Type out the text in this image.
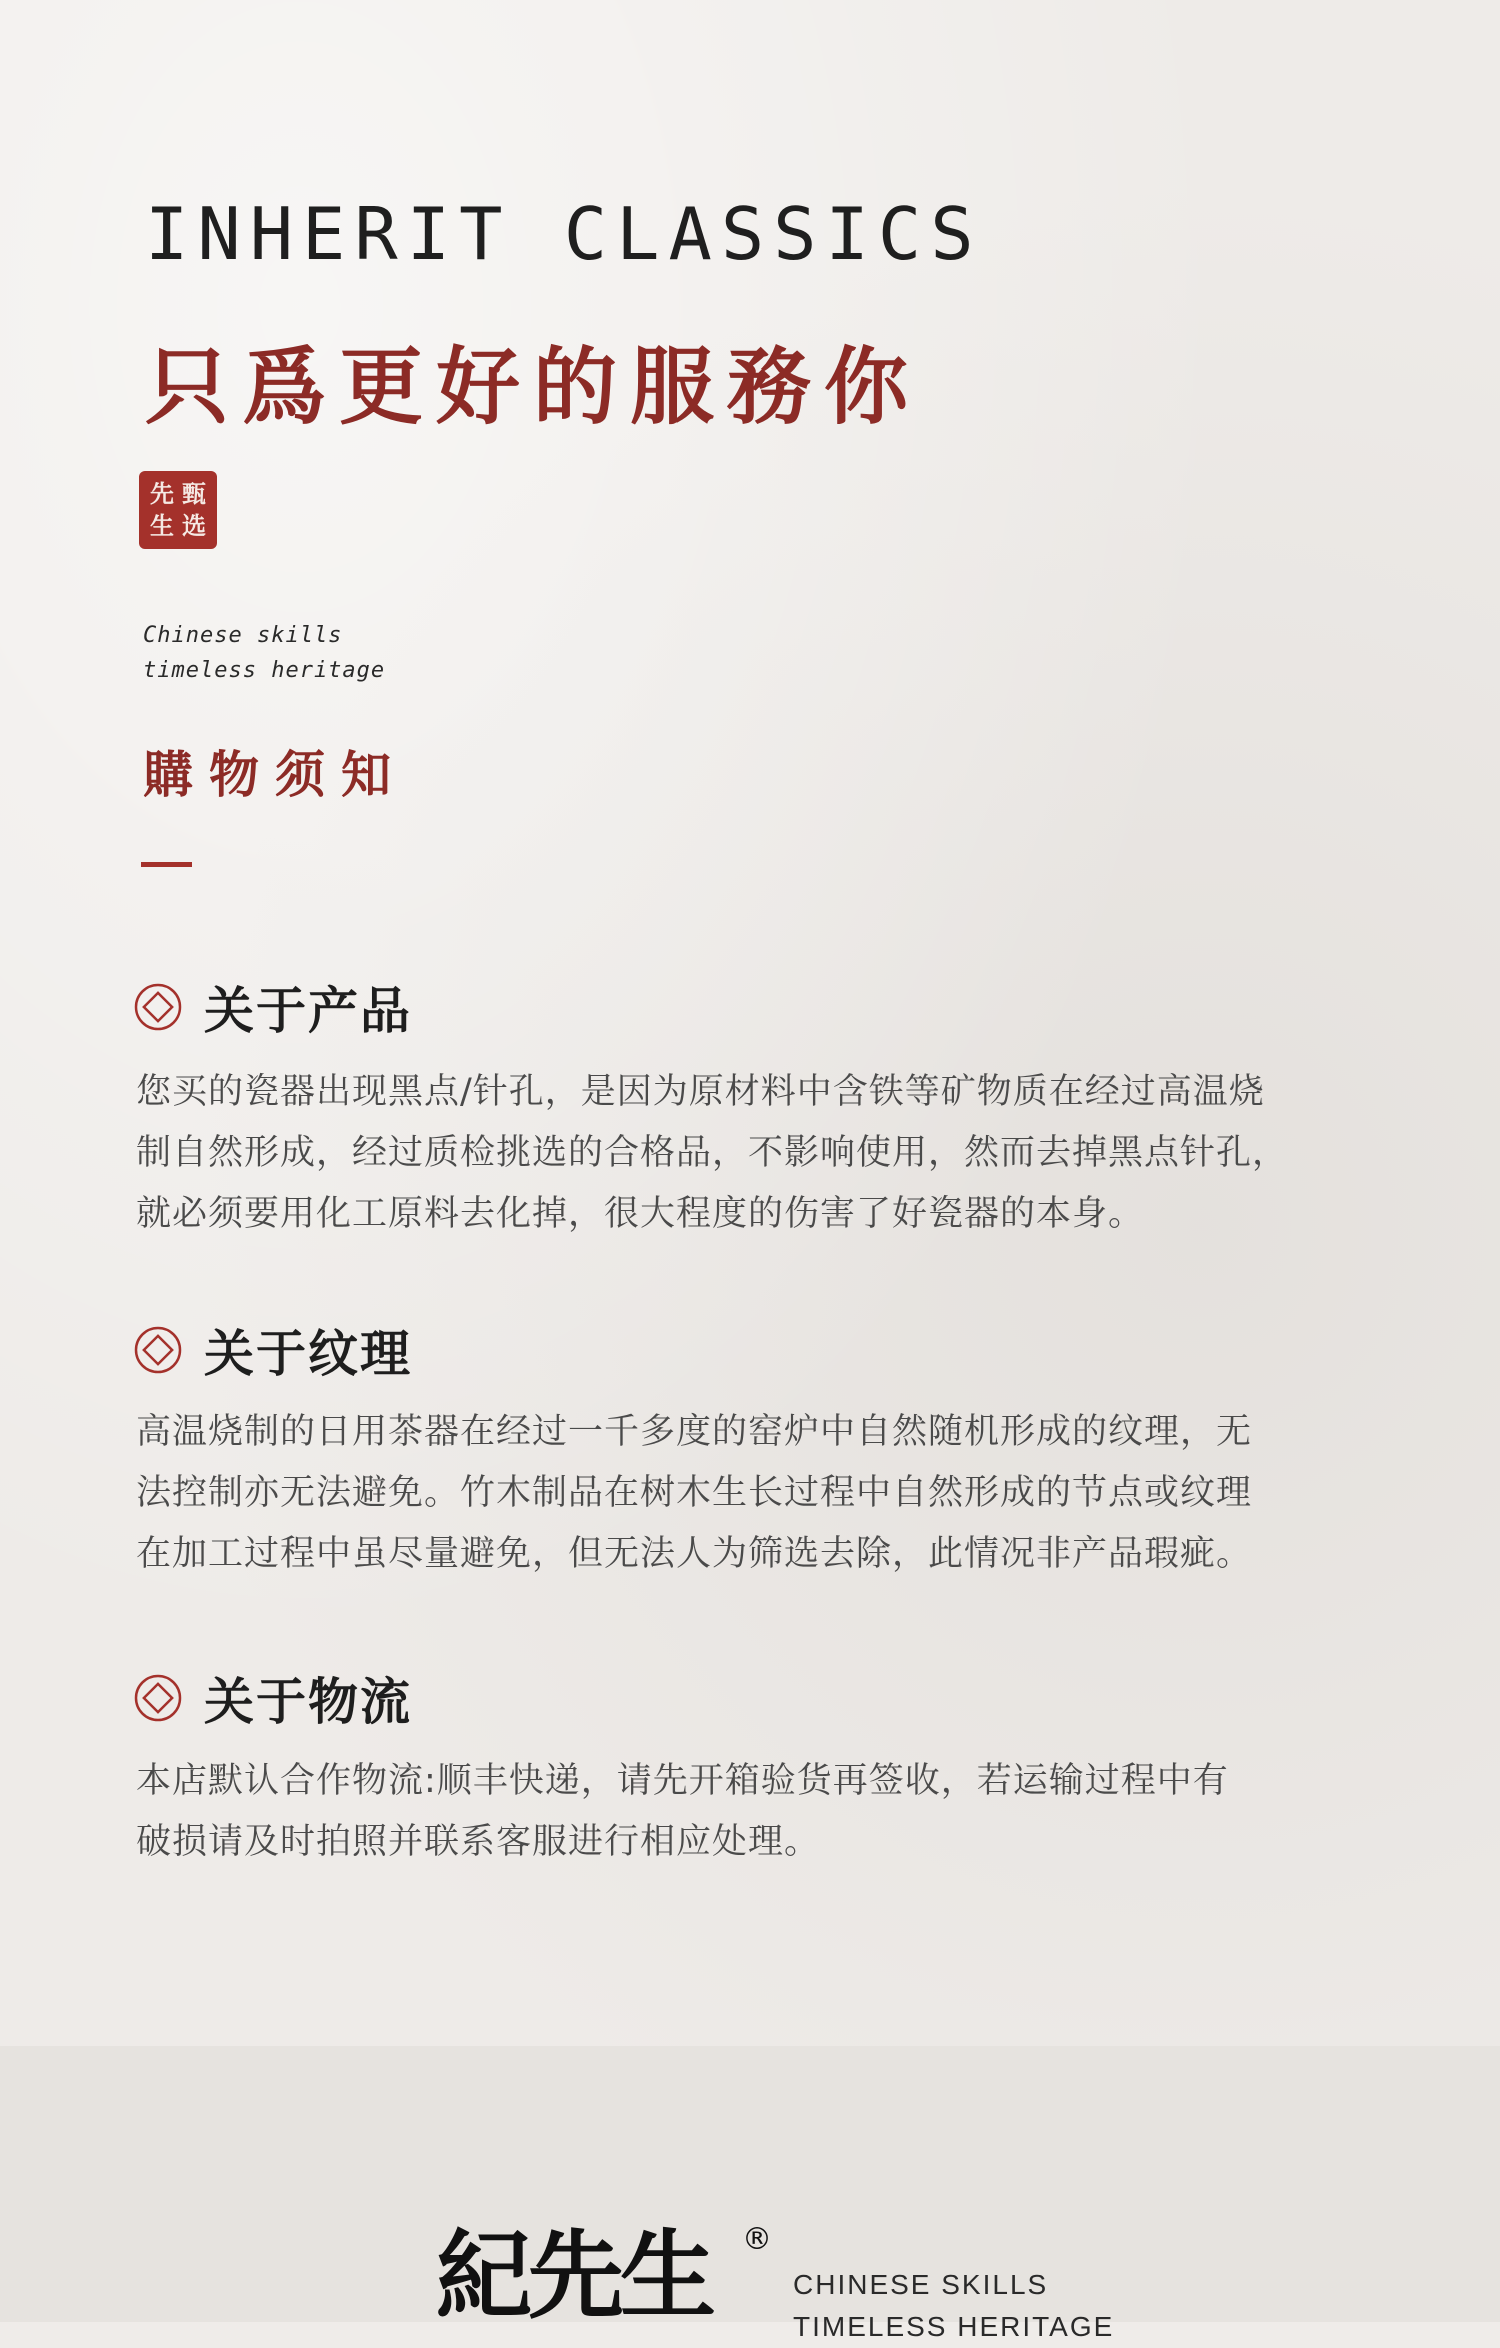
INHERIT CLASSICS
只爲更好的服務你
先 甄
生 选
Chinese skills
timeless heritage
購物须知
关于产品
您买的瓷器出现黑点/针孔，是因为原材料中含铁等矿物质在经过高温烧
制自然形成，经过质检挑选的合格品，不影响使用，然而去掉黑点针孔，
就必须要用化工原料去化掉，很大程度的伤害了好瓷器的本身。
关于纹理
高温烧制的日用茶器在经过一千多度的窑炉中自然随机形成的纹理，无
法控制亦无法避免。竹木制品在树木生长过程中自然形成的节点或纹理
在加工过程中虽尽量避免，但无法人为筛选去除，此情况非产品瑕疵。
关于物流
本店默认合作物流:顺丰快递，请先开箱验货再签收，若运输过程中有
破损请及时拍照并联系客服进行相应处理。
紀先生 ®
CHINESE SKILLS
TIMELESS HERITAGE
